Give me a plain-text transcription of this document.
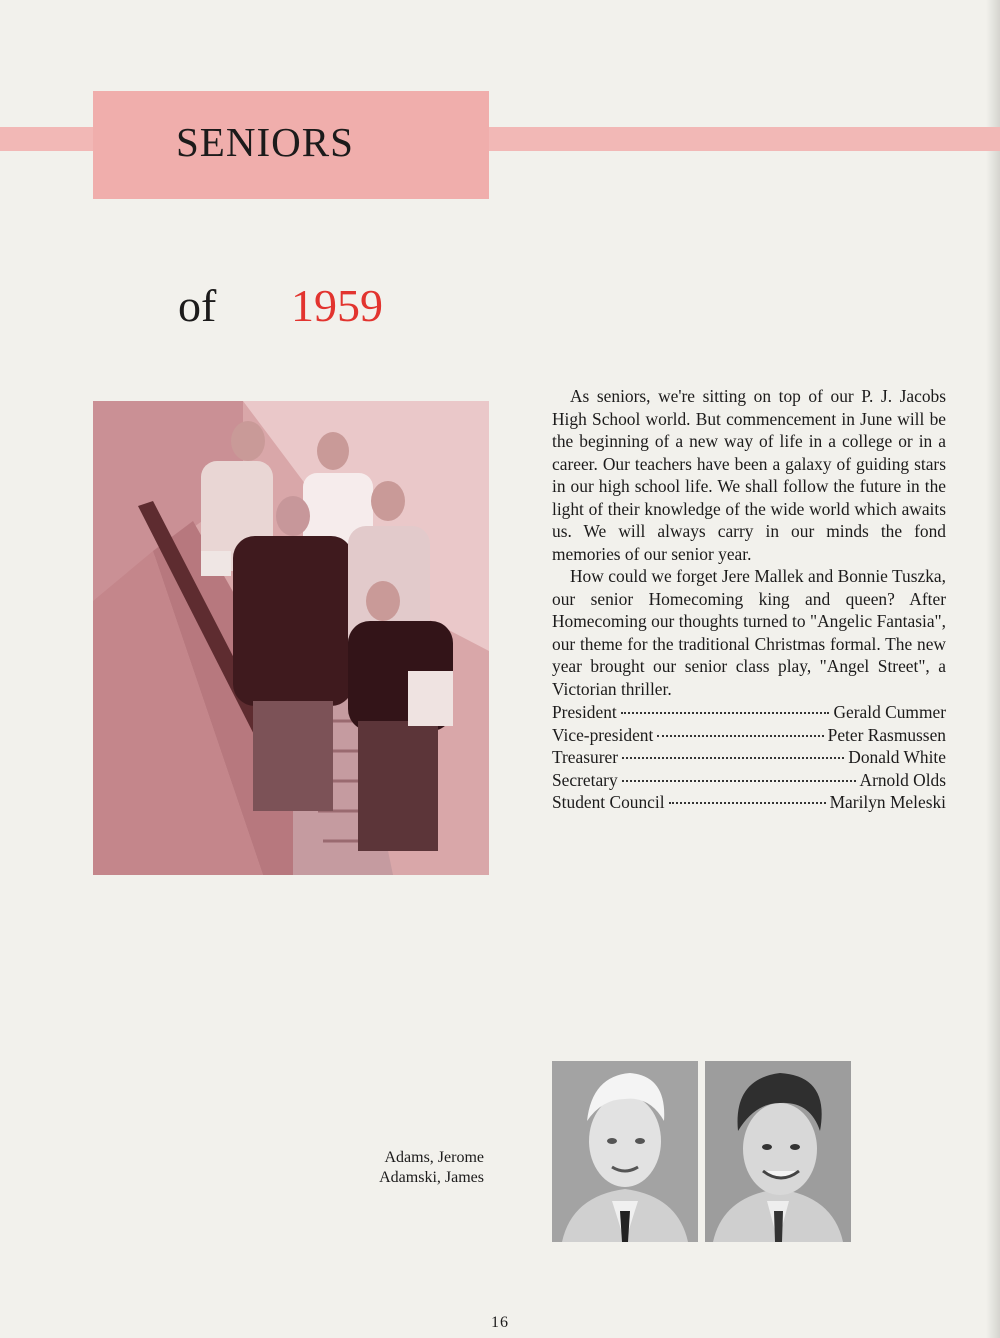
SENIORS
of 1959

As seniors, we're sitting on top of our P. J. Jacobs High School world. But commencement in June will be the beginning of a new way of life in a college or in a career. Our teachers have been a galaxy of guiding stars in our high school life. We shall follow the future in the light of their knowledge of the wide world which awaits us. We will always carry in our minds the fond memories of our senior year.

How could we forget Jere Mallek and Bonnie Tuszka, our senior Homecoming king and queen? After Homecoming our thoughts turned to "Angelic Fantasia", our theme for the traditional Christmas formal. The new year brought our senior class play, "Angel Street", a Victorian thriller.

President	Gerald Cummer
Vice-president	Peter Rasmussen
Treasurer	Donald White
Secretary	Arnold Olds
Student Council	Marilyn Meleski
Adams, Jerome
Adamski, James
16
